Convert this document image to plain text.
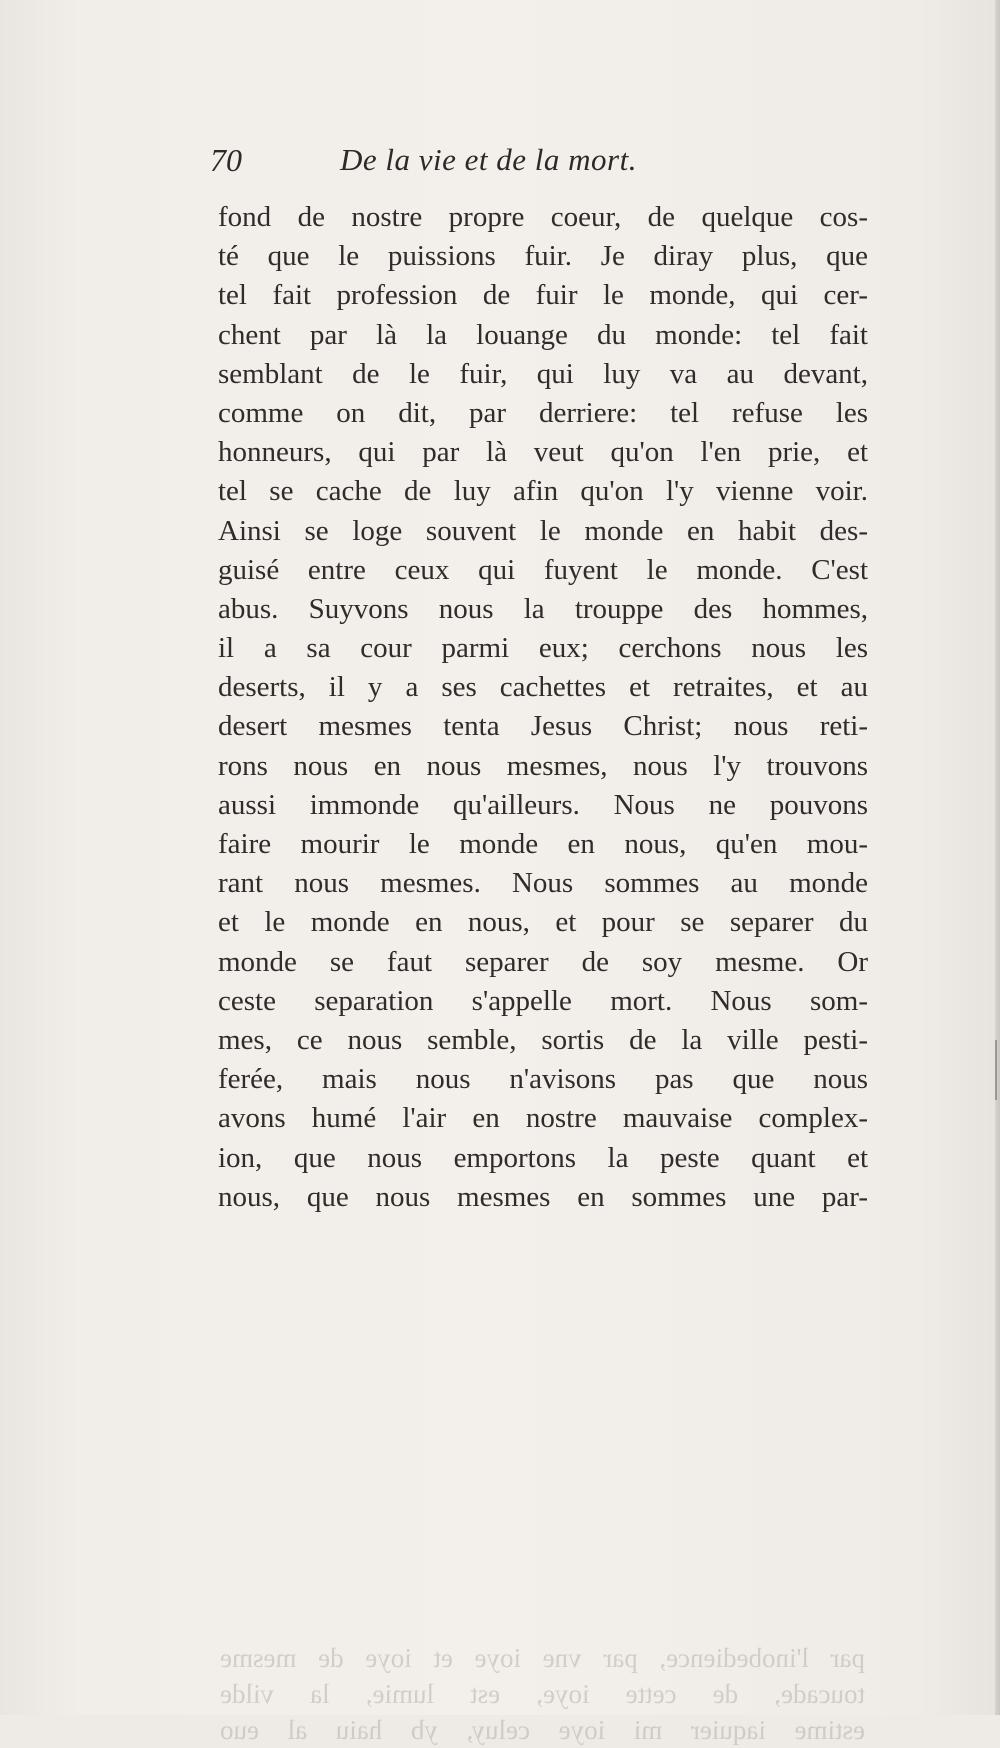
70	De la vie et de la mort.
fond de nostre propre coeur, de quelque cos-
té que le puissions fuir. Je diray plus, que
tel fait profession de fuir le monde, qui cer-
chent par là la louange du monde: tel fait
semblant de le fuir, qui luy va au devant,
comme on dit, par derriere: tel refuse les
honneurs, qui par là veut qu'on l'en prie, et
tel se cache de luy afin qu'on l'y vienne voir.
Ainsi se loge souvent le monde en habit des-
guisé entre ceux qui fuyent le monde. C'est
abus. Suyvons nous la trouppe des hommes,
il a sa cour parmi eux; cerchons nous les
deserts, il y a ses cachettes et retraites, et au
desert mesmes tenta Jesus Christ; nous reti-
rons nous en nous mesmes, nous l'y trouvons
aussi immonde qu'ailleurs. Nous ne pouvons
faire mourir le monde en nous, qu'en mou-
rant nous mesmes. Nous sommes au monde
et le monde en nous, et pour se separer du
monde se faut separer de soy mesme. Or
ceste separation s'appelle mort. Nous som-
mes, ce nous semble, sortis de la ville pesti-
ferée, mais nous n'avisons pas que nous
avons humé l'air en nostre mauvaise complex-
ion, que nous emportons la peste quant et
nous, que nous mesmes en sommes une par-
par l'inobedience, par vne ioye et ioye de mesme
toucade, de cette ioye, est lumie, la vilde
estime iaquier mi ioye celuy, yb haiu al euo
